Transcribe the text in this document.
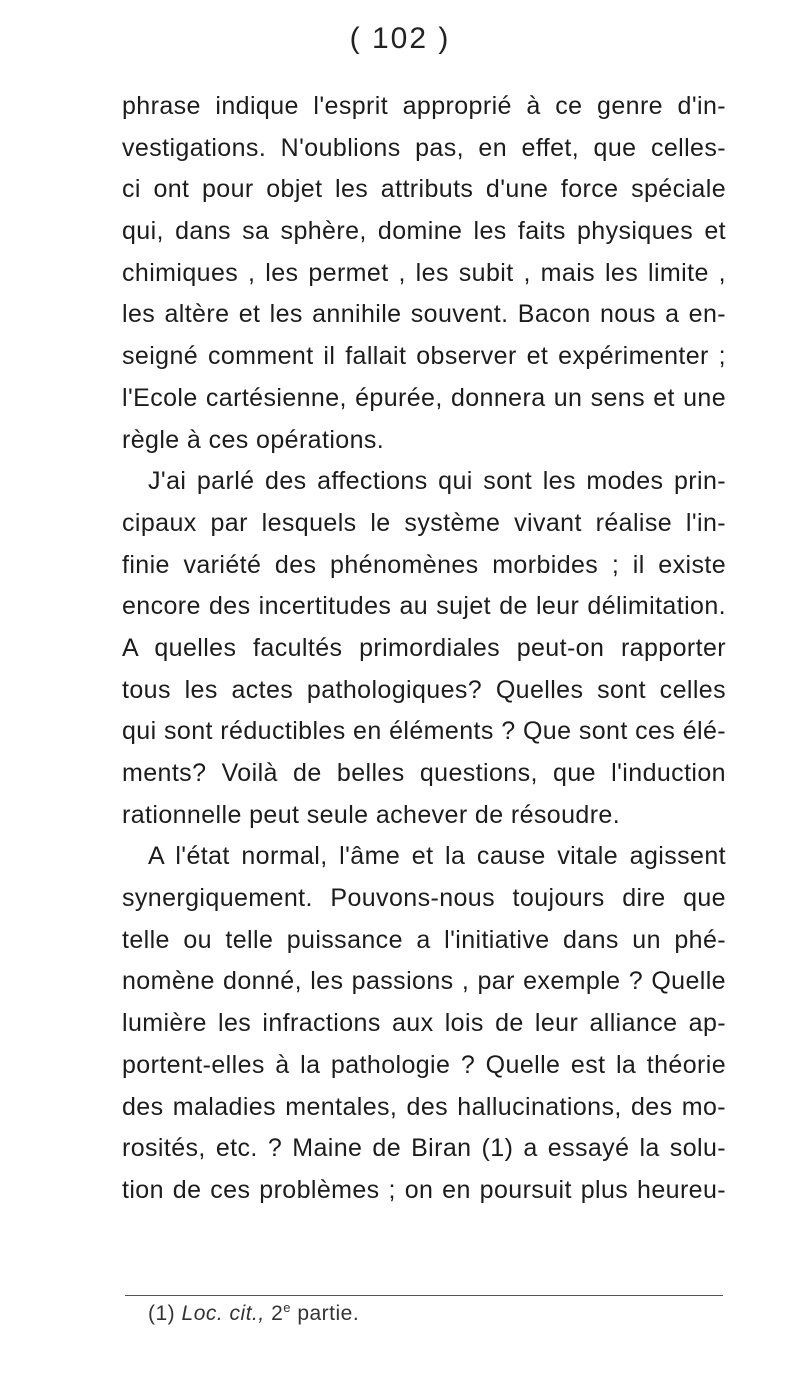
( 102 )
phrase indique l'esprit approprié à ce genre d'in-
vestigations. N'oublions pas, en effet, que celles-
ci ont pour objet les attributs d'une force spéciale
qui, dans sa sphère, domine les faits physiques et
chimiques , les permet , les subit , mais les limite ,
les altère et les annihile souvent. Bacon nous a en-
seigné comment il fallait observer et expérimenter ;
l'Ecole cartésienne, épurée, donnera un sens et une
règle à ces opérations.
J'ai parlé des affections qui sont les modes prin-
cipaux par lesquels le système vivant réalise l'in-
finie variété des phénomènes morbides ; il existe
encore des incertitudes au sujet de leur délimitation.
A quelles facultés primordiales peut-on rapporter
tous les actes pathologiques? Quelles sont celles
qui sont réductibles en éléments ? Que sont ces élé-
ments? Voilà de belles questions, que l'induction
rationnelle peut seule achever de résoudre.
A l'état normal, l'âme et la cause vitale agissent
synergiquement. Pouvons-nous toujours dire que
telle ou telle puissance a l'initiative dans un phé-
nomène donné, les passions , par exemple ? Quelle
lumière les infractions aux lois de leur alliance ap-
portent-elles à la pathologie ? Quelle est la théorie
des maladies mentales, des hallucinations, des mo-
rosités, etc. ? Maine de Biran (1) a essayé la solu-
tion de ces problèmes ; on en poursuit plus heureu-
(1) Loc. cit., 2e partie.
